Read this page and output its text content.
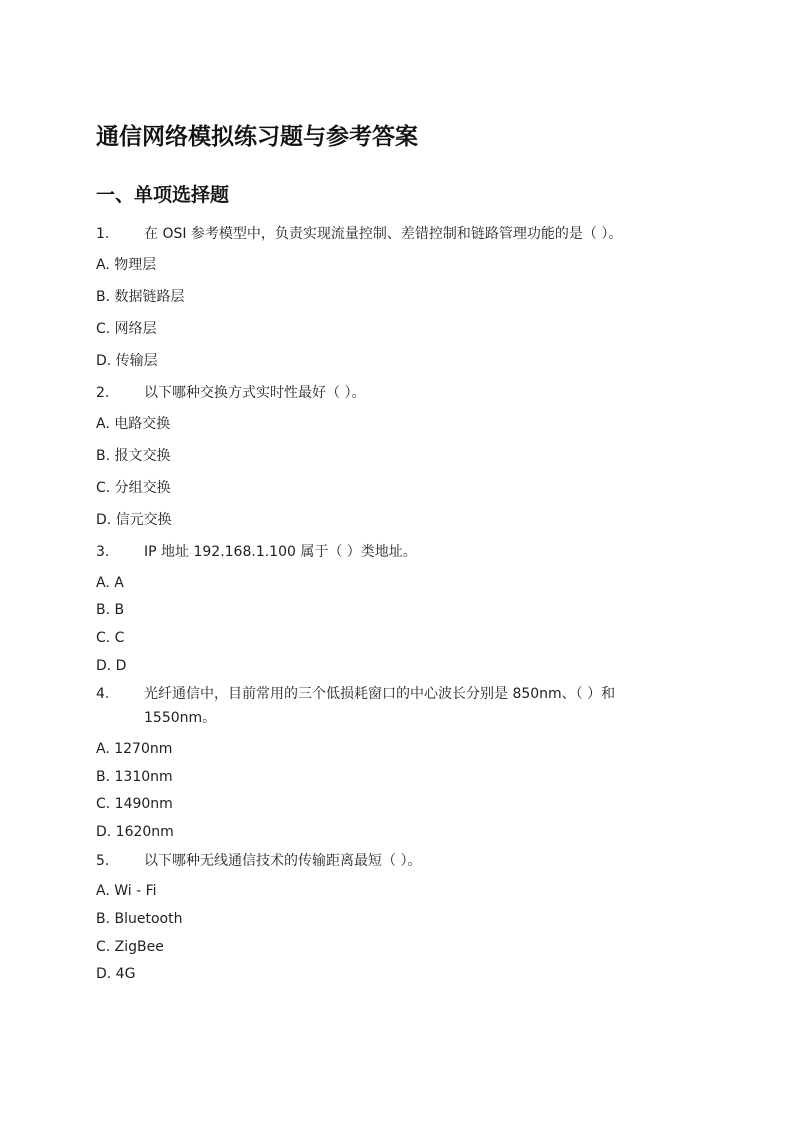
通信网络模拟练习题与参考答案
一、单项选择题
1. 在 OSI 参考模型中，负责实现流量控制、差错控制和链路管理功能的是（ ）。
A. 物理层
B. 数据链路层
C. 网络层
D. 传输层
2. 以下哪种交换方式实时性最好（ ）。
A. 电路交换
B. 报文交换
C. 分组交换
D. 信元交换
3. IP 地址 192.168.1.100 属于（ ）类地址。
A. A
B. B
C. C
D. D
4. 光纤通信中，目前常用的三个低损耗窗口的中心波长分别是 850nm、（ ）和 1550nm。
A. 1270nm
B. 1310nm
C. 1490nm
D. 1620nm
5. 以下哪种无线通信技术的传输距离最短（ ）。
A. Wi - Fi
B. Bluetooth
C. ZigBee
D. 4G
